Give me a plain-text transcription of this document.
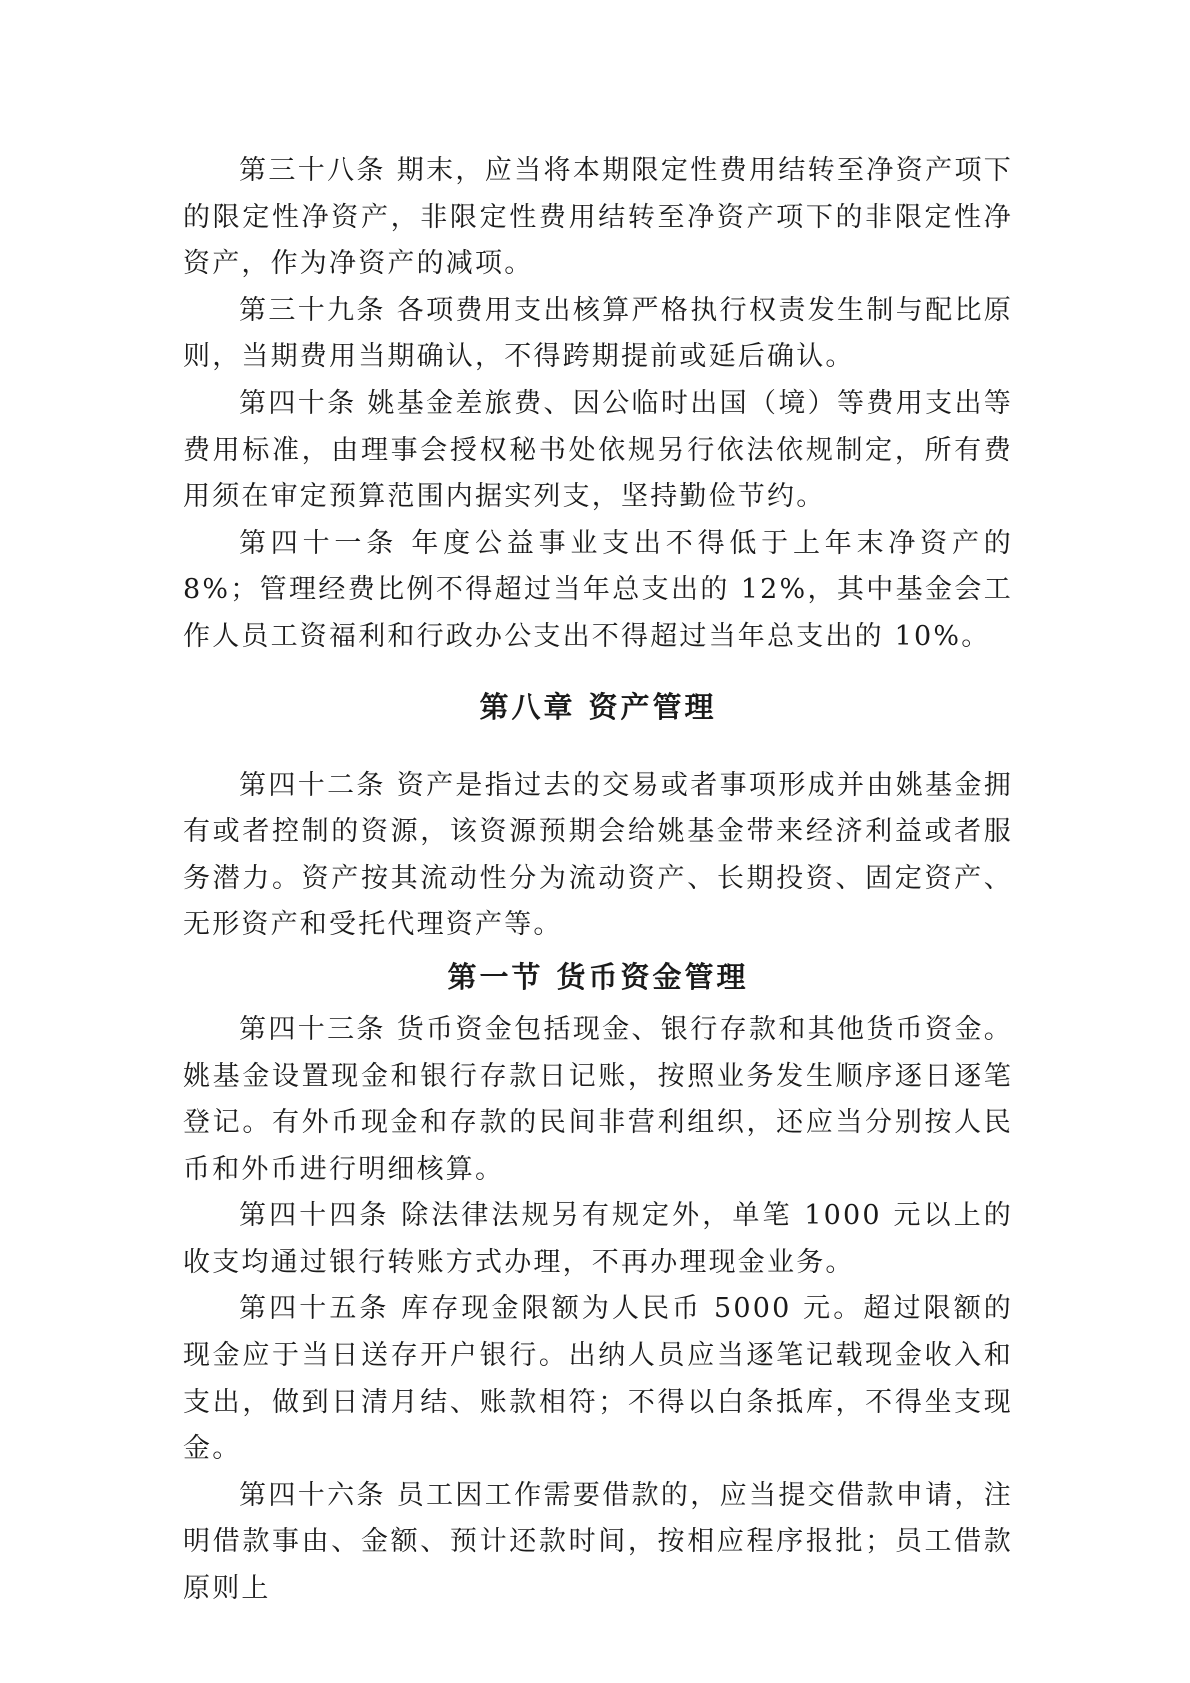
第三十八条 期末，应当将本期限定性费用结转至净资产项下的限定性净资产，非限定性费用结转至净资产项下的非限定性净资产，作为净资产的减项。

第三十九条 各项费用支出核算严格执行权责发生制与配比原则，当期费用当期确认，不得跨期提前或延后确认。

第四十条 姚基金差旅费、因公临时出国（境）等费用支出等费用标准，由理事会授权秘书处依规另行依法依规制定，所有费用须在审定预算范围内据实列支，坚持勤俭节约。

第四十一条 年度公益事业支出不得低于上年末净资产的 8%；管理经费比例不得超过当年总支出的 12%，其中基金会工作人员工资福利和行政办公支出不得超过当年总支出的 10%。

第八章 资产管理

第四十二条 资产是指过去的交易或者事项形成并由姚基金拥有或者控制的资源，该资源预期会给姚基金带来经济利益或者服务潜力。资产按其流动性分为流动资产、长期投资、固定资产、无形资产和受托代理资产等。

第一节 货币资金管理

第四十三条 货币资金包括现金、银行存款和其他货币资金。姚基金设置现金和银行存款日记账，按照业务发生顺序逐日逐笔登记。有外币现金和存款的民间非营利组织，还应当分别按人民币和外币进行明细核算。

第四十四条 除法律法规另有规定外，单笔 1000 元以上的收支均通过银行转账方式办理，不再办理现金业务。

第四十五条 库存现金限额为人民币 5000 元。超过限额的现金应于当日送存开户银行。出纳人员应当逐笔记载现金收入和支出，做到日清月结、账款相符；不得以白条抵库，不得坐支现金。

第四十六条 员工因工作需要借款的，应当提交借款申请，注明借款事由、金额、预计还款时间，按相应程序报批；员工借款原则上
